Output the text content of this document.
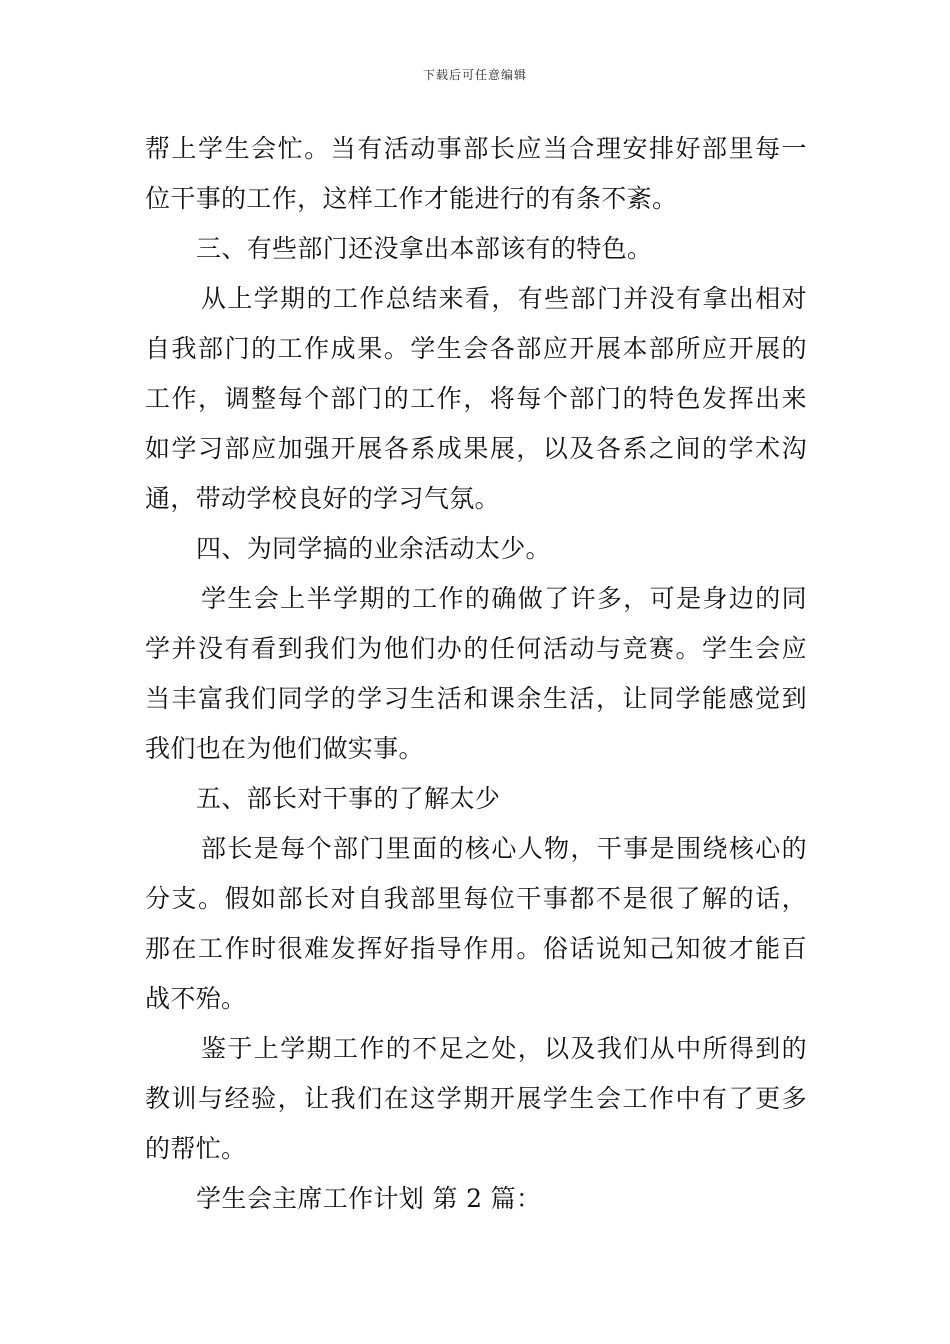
下载后可任意编辑
帮上学生会忙。当有活动事部长应当合理安排好部里每一
位干事的工作，这样工作才能进行的有条不紊。
三、有些部门还没拿出本部该有的特色。
从上学期的工作总结来看，有些部门并没有拿出相对
自我部门的工作成果。学生会各部应开展本部所应开展的
工作，调整每个部门的工作，将每个部门的特色发挥出来
如学习部应加强开展各系成果展，以及各系之间的学术沟
通，带动学校良好的学习气氛。
四、为同学搞的业余活动太少。
学生会上半学期的工作的确做了许多，可是身边的同
学并没有看到我们为他们办的任何活动与竞赛。学生会应
当丰富我们同学的学习生活和课余生活，让同学能感觉到
我们也在为他们做实事。
五、部长对干事的了解太少
部长是每个部门里面的核心人物，干事是围绕核心的
分支。假如部长对自我部里每位干事都不是很了解的话，
那在工作时很难发挥好指导作用。俗话说知己知彼才能百
战不殆。
鉴于上学期工作的不足之处，以及我们从中所得到的
教训与经验，让我们在这学期开展学生会工作中有了更多
的帮忙。
学生会主席工作计划 第 2 篇：
